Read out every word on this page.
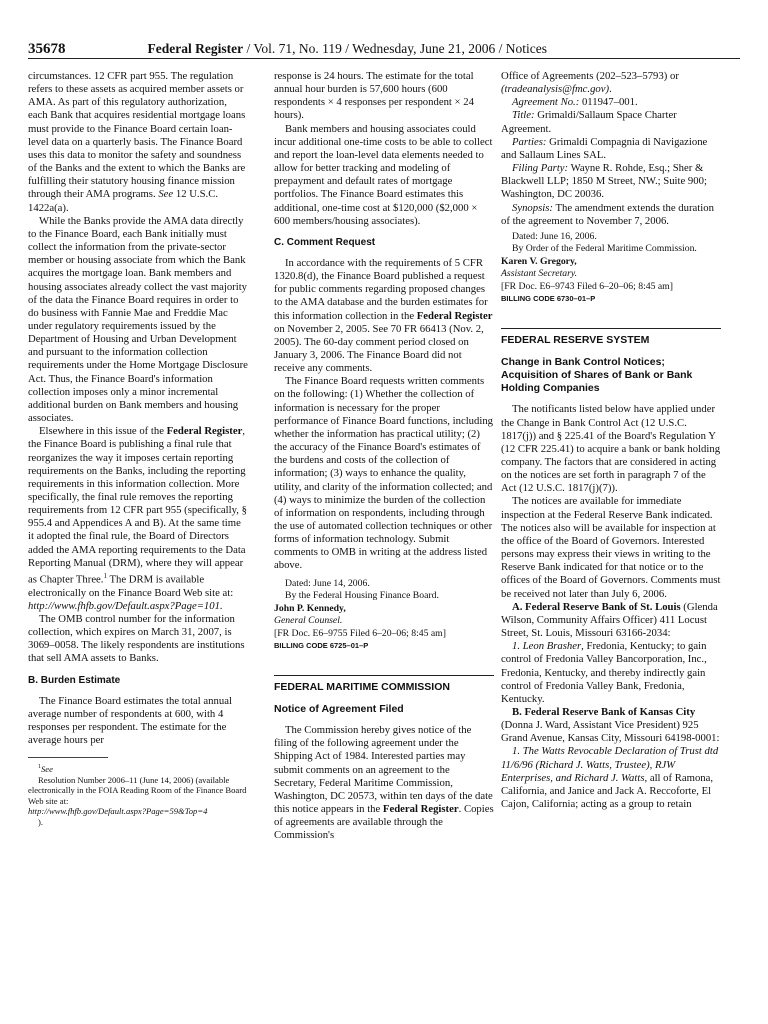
35678	Federal Register / Vol. 71, No. 119 / Wednesday, June 21, 2006 / Notices

circumstances. 12 CFR part 955. The regulation refers to these assets as acquired member assets or AMA. As part of this regulatory authorization, each Bank that acquires residential mortgage loans must provide to the Finance Board certain loan-level data on a quarterly basis. The Finance Board uses this data to monitor the safety and soundness of the Banks and the extent to which the Banks are fulfilling their statutory housing finance mission through their AMA programs. See 12 U.S.C. 1422a(a).

While the Banks provide the AMA data directly to the Finance Board, each Bank initially must collect the information from the private-sector member or housing associate from which the Bank acquires the mortgage loan. Bank members and housing associates already collect the vast majority of the data the Finance Board requires in order to do business with Fannie Mae and Freddie Mac under regulatory requirements issued by the Department of Housing and Urban Development and pursuant to the information collection requirements under the Home Mortgage Disclosure Act. Thus, the Finance Board's information collection imposes only a minor incremental additional burden on Bank members and housing associates.

Elsewhere in this issue of the Federal Register, the Finance Board is publishing a final rule that reorganizes the way it imposes certain reporting requirements on the Banks, including the reporting requirements in this information collection. More specifically, the final rule removes the reporting requirements from 12 CFR part 955 (specifically, § 955.4 and Appendices A and B). At the same time it adopted the final rule, the Board of Directors added the AMA reporting requirements to the Data Reporting Manual (DRM), where they will appear as Chapter Three.$^1$ The DRM is available electronically on the Finance Board Web site at: http://www.fhfb.gov/Default.aspx?Page=101.

The OMB control number for the information collection, which expires on March 31, 2007, is 3069–0058. The likely respondents are institutions that sell AMA assets to Banks.

B. Burden Estimate

The Finance Board estimates the total annual average number of respondents at 600, with 4 responses per respondent. The estimate for the average hours per

$^1$See
Resolution Number 2006–11 (June 14, 2006) (available electronically in the FOIA Reading Room of the Finance Board Web site at:
http://www.fhfb.gov/Default.aspx?Page=59&Top=4
).

response is 24 hours. The estimate for the total annual hour burden is 57,600 hours (600 respondents × 4 responses per respondent × 24 hours).

Bank members and housing associates could incur additional one-time costs to be able to collect and report the loan-level data elements needed to allow for better tracking and modeling of prepayment and default rates of mortgage portfolios. The Finance Board estimates this additional, one-time cost at $120,000 ($2,000 × 600 members/housing associates).

C. Comment Request

In accordance with the requirements of 5 CFR 1320.8(d), the Finance Board published a request for public comments regarding proposed changes to the AMA database and the burden estimates for this information collection in the Federal Register on November 2, 2005. See 70 FR 66413 (Nov. 2, 2005). The 60-day comment period closed on January 3, 2006. The Finance Board did not receive any comments.

The Finance Board requests written comments on the following: (1) Whether the collection of information is necessary for the proper performance of Finance Board functions, including whether the information has practical utility; (2) the accuracy of the Finance Board's estimates of the burdens and costs of the collection of information; (3) ways to enhance the quality, utility, and clarity of the information collected; and (4) ways to minimize the burden of the collection of information on respondents, including through the use of automated collection techniques or other forms of information technology. Submit comments to OMB in writing at the address listed above.

Dated: June 14, 2006.

By the Federal Housing Finance Board.

John P. Kennedy,

General Counsel.

[FR Doc. E6–9755 Filed 6–20–06; 8:45 am]

BILLING CODE 6725–01–P

FEDERAL MARITIME COMMISSION
Notice of Agreement Filed

The Commission hereby gives notice of the filing of the following agreement under the Shipping Act of 1984. Interested parties may submit comments on an agreement to the Secretary, Federal Maritime Commission, Washington, DC 20573, within ten days of the date this notice appears in the Federal Register. Copies of agreements are available through the Commission's

Office of Agreements (202–523–5793) or (tradeanalysis@fmc.gov).

Agreement No.: 011947–001.

Title: Grimaldi/Sallaum Space Charter Agreement.

Parties: Grimaldi Compagnia di Navigazione and Sallaum Lines SAL.

Filing Party: Wayne R. Rohde, Esq.; Sher & Blackwell LLP; 1850 M Street, NW.; Suite 900; Washington, DC 20036.

Synopsis: The amendment extends the duration of the agreement to November 7, 2006.

Dated: June 16, 2006.

By Order of the Federal Maritime Commission.

Karen V. Gregory,

Assistant Secretary.

[FR Doc. E6–9743 Filed 6–20–06; 8:45 am]

BILLING CODE 6730–01–P

FEDERAL RESERVE SYSTEM
Change in Bank Control Notices; Acquisition of Shares of Bank or Bank Holding Companies

The notificants listed below have applied under the Change in Bank Control Act (12 U.S.C. 1817(j)) and § 225.41 of the Board's Regulation Y (12 CFR 225.41) to acquire a bank or bank holding company. The factors that are considered in acting on the notices are set forth in paragraph 7 of the Act (12 U.S.C. 1817(j)(7)).

The notices are available for immediate inspection at the Federal Reserve Bank indicated. The notices also will be available for inspection at the office of the Board of Governors. Interested persons may express their views in writing to the Reserve Bank indicated for that notice or to the offices of the Board of Governors. Comments must be received not later than July 6, 2006.

A. Federal Reserve Bank of St. Louis (Glenda Wilson, Community Affairs Officer) 411 Locust Street, St. Louis, Missouri 63166-2034:

1. Leon Brasher, Fredonia, Kentucky; to gain control of Fredonia Valley Bancorporation, Inc., Fredonia, Kentucky, and thereby indirectly gain control of Fredonia Valley Bank, Fredonia, Kentucky.

B. Federal Reserve Bank of Kansas City (Donna J. Ward, Assistant Vice President) 925 Grand Avenue, Kansas City, Missouri 64198-0001:

1. The Watts Revocable Declaration of Trust dtd 11/6/96 (Richard J. Watts, Trustee), RJW Enterprises, and Richard J. Watts, all of Ramona, California, and Janice and Jack A. Reccoforte, El Cajon, California; acting as a group to retain
